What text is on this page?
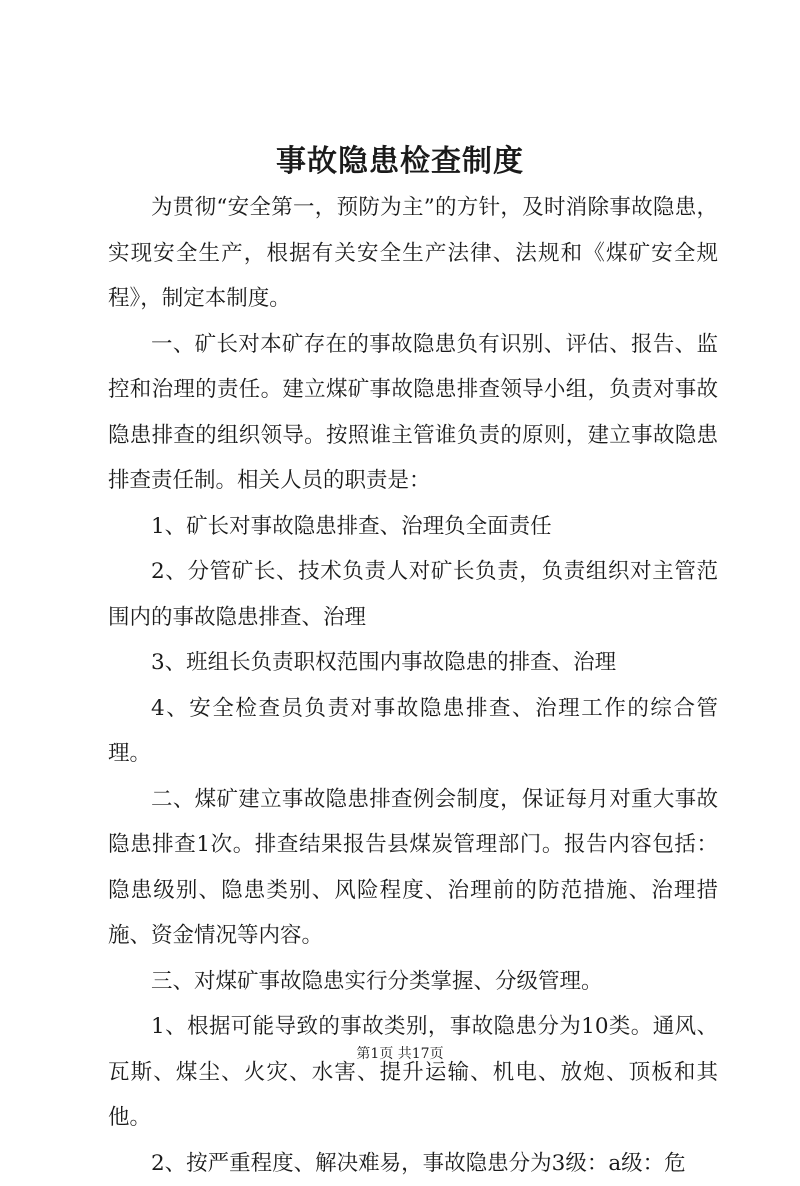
事故隐患检查制度

为贯彻“安全第一，预防为主”的方针，及时消除事故隐患，实现安全生产，根据有关安全生产法律、法规和《煤矿安全规程》，制定本制度。

一、矿长对本矿存在的事故隐患负有识别、评估、报告、监控和治理的责任。建立煤矿事故隐患排查领导小组，负责对事故隐患排查的组织领导。按照谁主管谁负责的原则，建立事故隐患排查责任制。相关人员的职责是：

1、矿长对事故隐患排查、治理负全面责任

2、分管矿长、技术负责人对矿长负责，负责组织对主管范围内的事故隐患排查、治理

3、班组长负责职权范围内事故隐患的排查、治理

4、安全检查员负责对事故隐患排查、治理工作的综合管理。

二、煤矿建立事故隐患排查例会制度，保证每月对重大事故隐患排查1次。排查结果报告县煤炭管理部门。报告内容包括：隐患级别、隐患类别、风险程度、治理前的防范措施、治理措施、资金情况等内容。

三、对煤矿事故隐患实行分类掌握、分级管理。

1、根据可能导致的事故类别，事故隐患分为10类。通风、瓦斯、煤尘、火灾、水害、提升运输、机电、放炮、顶板和其他。

2、按严重程度、解决难易，事故隐患分为3级：a级：危

第1页 共17页
